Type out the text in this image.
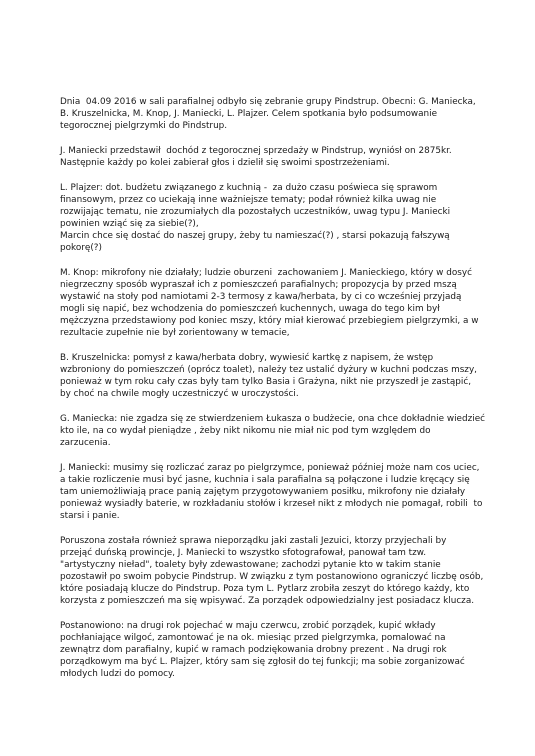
Dnia  04.09 2016 w sali parafialnej odbyło się zebranie grupy Pindstrup. Obecni: G. Maniecka,
B. Kruszelnicka, M. Knop, J. Maniecki, L. Plajzer. Celem spotkania było podsumowanie
tegorocznej pielgrzymki do Pindstrup.

J. Maniecki przedstawił  dochód z tegorocznej sprzedaży w Pindstrup, wyniósł on 2875kr.
Następnie każdy po kolei zabierał głos i dzielił się swoimi spostrzeżeniami.

L. Plajzer: dot. budżetu związanego z kuchnią -  za dużo czasu poświeca się sprawom
finansowym, przez co uciekają inne ważniejsze tematy; podał również kilka uwag nie
rozwijając tematu, nie zrozumiałych dla pozostałych uczestników, uwag typu J. Maniecki
powinien wziąć się za siebie(?),
Marcin chce się dostać do naszej grupy, żeby tu namieszać(?) , starsi pokazują fałszywą
pokorę(?)

M. Knop: mikrofony nie działały; ludzie oburzeni  zachowaniem J. Manieckiego, który w dosyć
niegrzeczny sposób wypraszał ich z pomieszczeń parafialnych; propozycja by przed mszą
wystawić na stoły pod namiotami 2-3 termosy z kawa/herbata, by ci co wcześniej przyjadą
mogli się napić, bez wchodzenia do pomieszczeń kuchennych, uwaga do tego kim był
mężczyzna przedstawiony pod koniec mszy, który miał kierować przebiegiem pielgrzymki, a w
rezultacie zupełnie nie był zorientowany w temacie,

B. Kruszelnicka: pomysł z kawa/herbata dobry, wywiesić kartkę z napisem, że wstęp
wzbroniony do pomieszczeń (oprócz toalet), należy tez ustalić dyżury w kuchni podczas mszy,
ponieważ w tym roku cały czas były tam tylko Basia i Grażyna, nikt nie przyszedł je zastąpić,
by choć na chwile mogły uczestniczyć w uroczystości.

G. Maniecka: nie zgadza się ze stwierdzeniem Łukasza o budżecie, ona chce dokładnie wiedzieć
kto ile, na co wydał pieniądze , żeby nikt nikomu nie miał nic pod tym względem do
zarzucenia.

J. Maniecki: musimy się rozliczać zaraz po pielgrzymce, ponieważ później może nam cos uciec,
a takie rozliczenie musi być jasne, kuchnia i sala parafialna są połączone i ludzie kręcący się
tam uniemożliwiają prace panią zajętym przygotowywaniem posiłku, mikrofony nie działały
ponieważ wysiadły baterie, w rozkładaniu stołów i krzeseł nikt z młodych nie pomagał, robili  to
starsi i panie.

Poruszona została również sprawa nieporządku jaki zastali Jezuici, ktorzy przyjechali by
przejąć duńską prowincje, J. Maniecki to wszystko sfotografował, panował tam tzw.
"artystyczny nieład", toalety były zdewastowane; zachodzi pytanie kto w takim stanie
pozostawił po swoim pobycie Pindstrup. W związku z tym postanowiono ograniczyć liczbę osób,
które posiadają klucze do Pindstrup. Poza tym L. Pytlarz zrobiła zeszyt do którego każdy, kto
korzysta z pomieszczeń ma się wpisywać. Za porządek odpowiedzialny jest posiadacz klucza.

Postanowiono: na drugi rok pojechać w maju czerwcu, zrobić porządek, kupić wkłady
pochłaniające wilgoć, zamontować je na ok. miesiąc przed pielgrzymka, pomalować na
zewnątrz dom parafialny, kupić w ramach podziękowania drobny prezent . Na drugi rok
porządkowym ma być L. Plajzer, który sam się zgłosił do tej funkcji; ma sobie zorganizować
młodych ludzi do pomocy.
